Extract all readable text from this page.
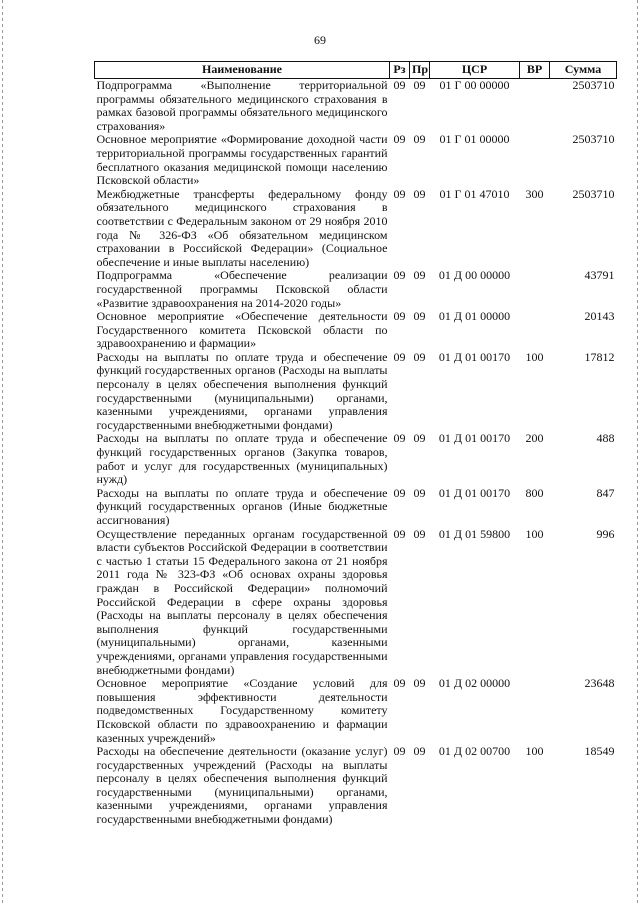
69
Наименование	Рз	Пр	ЦСР	ВР	Сумма
Подпрограмма «Выполнение территориальной программы обязательного медицинского страхования в рамках базовой программы обязательного медицинского страхования»	09	09	01 Г 00 00000		2503710
Основное мероприятие «Формирование доходной части территориальной программы государственных гарантий бесплатного оказания медицинской помощи населению Псковской области»	09	09	01 Г 01 00000		2503710
Межбюджетные трансферты федеральному фонду обязательного медицинского страхования в соответствии с Федеральным законом от 29 ноября 2010 года № 326-ФЗ «Об обязательном медицинском страховании в Российской Федерации» (Социальное обеспечение и иные выплаты населению)	09	09	01 Г 01 47010	300	2503710
Подпрограмма «Обеспечение реализации государственной программы Псковской области «Развитие здравоохранения на 2014-2020 годы»	09	09	01 Д 00 00000		43791
Основное мероприятие «Обеспечение деятельности Государственного комитета Псковской области по здравоохранению и фармации»	09	09	01 Д 01 00000		20143
Расходы на выплаты по оплате труда и обеспечение функций государственных органов (Расходы на выплаты персоналу в целях обеспечения выполнения функций государственными (муниципальными) органами, казенными учреждениями, органами управления государственными внебюджетными фондами)	09	09	01 Д 01 00170	100	17812
Расходы на выплаты по оплате труда и обеспечение функций государственных органов (Закупка товаров, работ и услуг для государственных (муниципальных) нужд)	09	09	01 Д 01 00170	200	488
Расходы на выплаты по оплате труда и обеспечение функций государственных органов (Иные бюджетные ассигнования)	09	09	01 Д 01 00170	800	847
Осуществление переданных органам государственной власти субъектов Российской Федерации в соответствии с частью 1 статьи 15 Федерального закона от 21 ноября 2011 года № 323-ФЗ «Об основах охраны здоровья граждан в Российской Федерации» полномочий Российской Федерации в сфере охраны здоровья (Расходы на выплаты персоналу в целях обеспечения выполнения функций государственными (муниципальными) органами, казенными учреждениями, органами управления государственными внебюджетными фондами)	09	09	01 Д 01 59800	100	996
Основное мероприятие «Создание условий для повышения эффективности деятельности подведомственных Государственному комитету Псковской области по здравоохранению и фармации казенных учреждений»	09	09	01 Д 02 00000		23648
Расходы на обеспечение деятельности (оказание услуг) государственных учреждений (Расходы на выплаты персоналу в целях обеспечения выполнения функций государственными (муниципальными) органами, казенными учреждениями, органами управления государственными внебюджетными фондами)	09	09	01 Д 02 00700	100	18549
